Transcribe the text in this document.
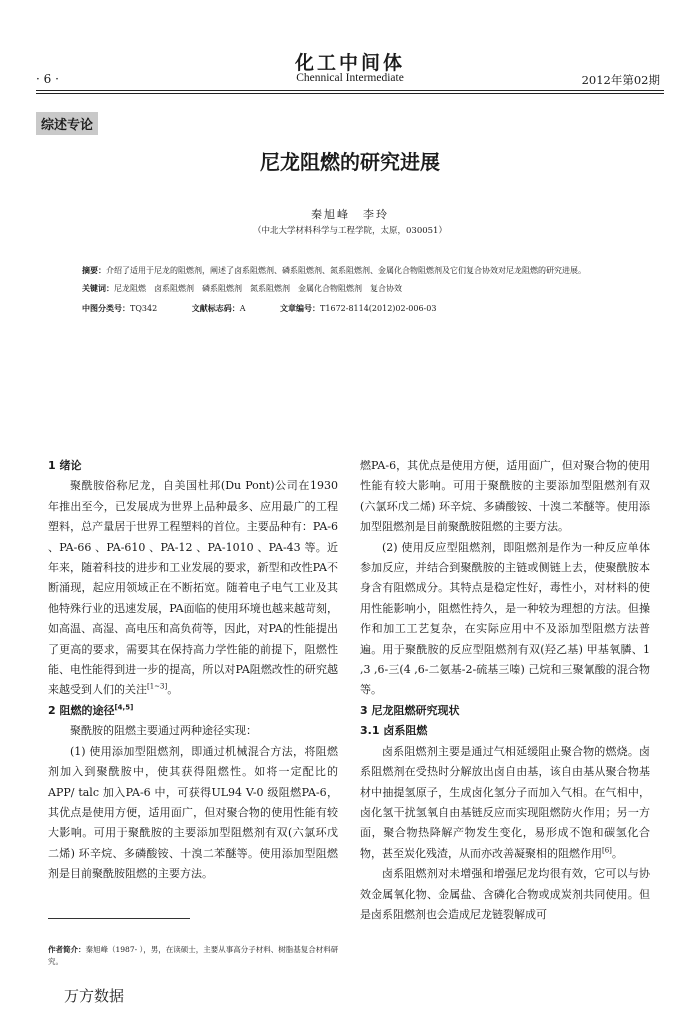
化工中间体
· 6 ·	Chennical Intermediate	2012年第02期
综述专论
尼龙阻燃的研究进展
秦旭峰　李玲
（中北大学材料科学与工程学院，太原，030051）
摘要：介绍了适用于尼龙的阻燃剂，阐述了卤系阻燃剂、磷系阻燃剂、氮系阻燃剂、金属化合物阻燃剂及它们复合协效对尼龙阻燃的研究进展。
关键词：尼龙阻燃　卤系阻燃剂　磷系阻燃剂　氮系阻燃剂　金属化合物阻燃剂　复合协效
中图分类号：TQ342	文献标志码：A	文章编号：T1672-8114(2012)02-006-03
1 绪论

聚酰胺俗称尼龙，自美国杜邦(Du Pont)公司在1930年推出至今，已发展成为世界上品种最多、应用最广的工程塑料，总产量居于世界工程塑料的首位。主要品种有：PA-6 、PA-66 、PA-610 、PA-12 、PA-1010 、PA-43 等。近年来，随着科技的进步和工业发展的要求，新型和改性PA不断涌现，起应用领域正在不断拓宽。随着电子电气工业及其他特殊行业的迅速发展，PA面临的使用环境也越来越苛刻，如高温、高湿、高电压和高负荷等，因此，对PA的性能提出了更高的要求，需要其在保持高力学性能的前提下，阻燃性能、电性能得到进一步的提高，所以对PA阻燃改性的研究越来越受到人们的关注[1~3]。

2 阻燃的途径[4,5]

聚酰胺的阻燃主要通过两种途径实现：

(1) 使用添加型阻燃剂，即通过机械混合方法，将阻燃剂加入到聚酰胺中，使其获得阻燃性。如将一定配比的APP/ talc 加入PA-6 中，可获得UL94 V-0 级阻燃PA-6，其优点是使用方便，适用面广，但对聚合物的使用性能有较大影响。可用于聚酰胺的主要添加型阻燃剂有双(六氯环戊二烯) 环辛烷、多磷酸铵、十溴二苯醚等。使用添加型阻燃剂是目前聚酰胺阻燃的主要方法。

燃PA-6，其优点是使用方便，适用面广，但对聚合物的使用性能有较大影响。可用于聚酰胺的主要添加型阻燃剂有双(六氯环戊二烯) 环辛烷、多磷酸铵、十溴二苯醚等。使用添加型阻燃剂是目前聚酰胺阻燃的主要方法。

(2) 使用反应型阻燃剂，即阻燃剂是作为一种反应单体参加反应，并结合到聚酰胺的主链或侧链上去，使聚酰胺本身含有阻燃成分。其特点是稳定性好，毒性小，对材料的使用性能影响小，阻燃性持久，是一种较为理想的方法。但操作和加工工艺复杂，在实际应用中不及添加型阻燃方法普遍。用于聚酰胺的反应型阻燃剂有双(羟乙基) 甲基氧膦、1 ,3 ,6-三(4 ,6-二氨基-2-硫基三嗪) 己烷和三聚氰酸的混合物等。

3 尼龙阻燃研究现状
3.1 卤系阻燃

卤系阻燃剂主要是通过气相延缓阻止聚合物的燃烧。卤系阻燃剂在受热时分解放出卤自由基，该自由基从聚合物基材中抽提氢原子，生成卤化氢分子而加入气相。在气相中，卤化氢干扰氢氧自由基链反应而实现阻燃防火作用；另一方面，聚合物热降解产物发生变化，易形成不饱和碳氢化合物，甚至炭化残渣，从而亦改善凝聚相的阻燃作用[6]。

卤系阻燃剂对未增强和增强尼龙均很有效，它可以与协效金属氧化物、金属盐、含磷化合物或成炭剂共同使用。但是卤系阻燃剂也会造成尼龙链裂解成可

作者简介：秦旭峰（1987- ），男，在读硕士，主要从事高分子材料、树脂基复合材料研究。
万方数据
